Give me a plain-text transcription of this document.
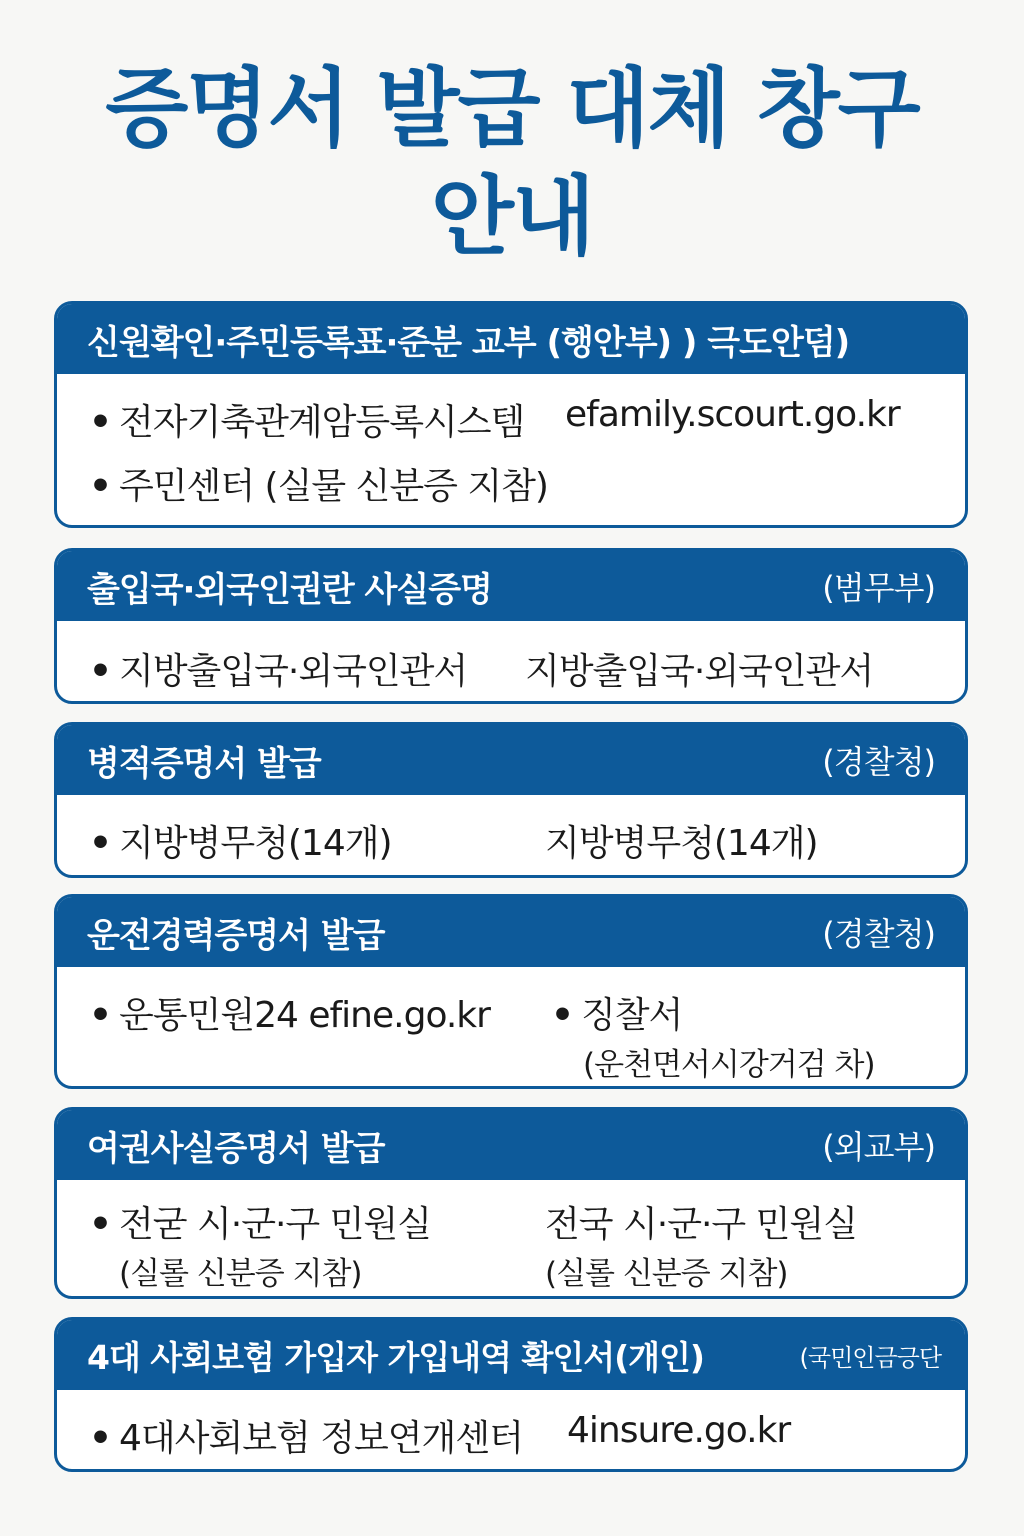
증명서 발급 대체 창구
안내
신원확인·주민등록표·준분 교부 (행안부) ) 극도안덤)
• 전자기축관계암등록시스템 efamily.scourt.go.kr
• 주민센터 (실물 신분증 지참)
출입국·외국인권란 사실증명	(범무부)
• 지방출입국·외국인관서 지방출입국·외국인관서
병적증명서 발급	(경찰청)
• 지방병무청(14개)	지방병무청(14개)
운전경력증명서 발급	(경찰청)
• 운통민원24 efine.go.kr • 징찰서
(운천면서시강거검 차)
여권사실증명서 발급	(외교부)
• 전굳 시·군·구 민원실
(실롤 신분증 지참)
전국 시·군·구 민원실
(실롤 신분증 지참)
4대 사회보험 가입자 가입내역 확인서(개인)	(국민인금긍단
• 4대사회보험 정보연개센터 4insure.go.kr
